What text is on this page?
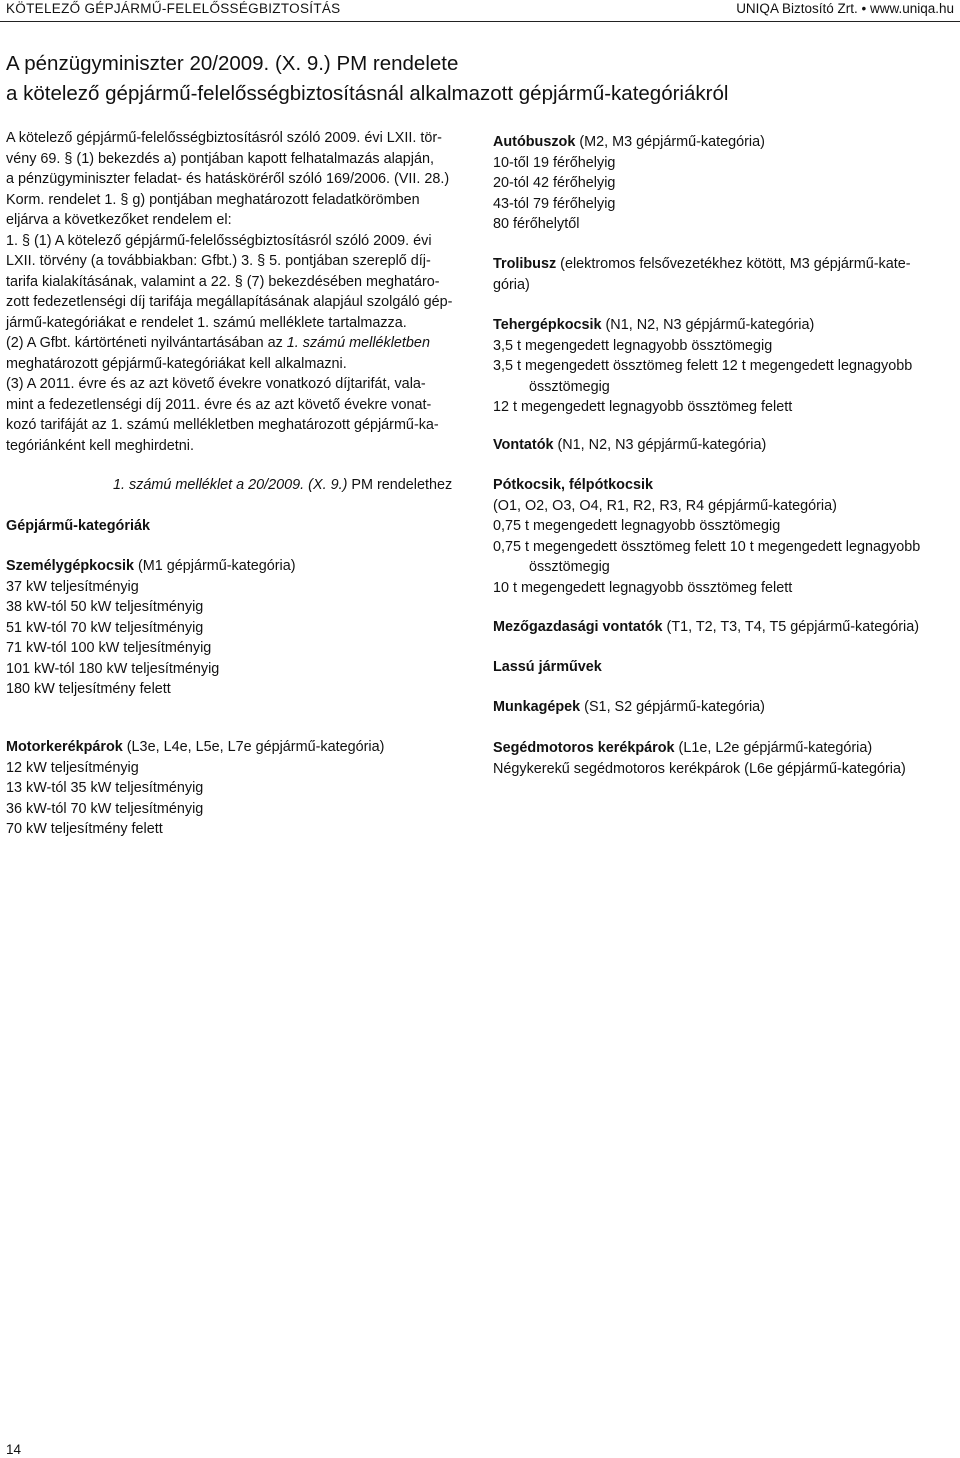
KÖTELEZŐ GÉPJÁRMŰ-FELELŐSSÉGBIZTOSÍTÁS	UNIQA Biztosító Zrt. • www.uniqa.hu
A pénzügyminiszter 20/2009. (X. 9.) PM rendelete
a kötelező gépjármű-felelősségbiztosításnál alkalmazott gépjármű-kategóriákról
A kötelező gépjármű-felelősségbiztosításról szóló 2009. évi LXII. tör-
vény 69. § (1) bekezdés a) pontjában kapott felhatalmazás alapján,
a pénzügyminiszter feladat- és hatásköréről szóló 169/2006. (VII. 28.)
Korm. rendelet 1. § g) pontjában meghatározott feladatkörömben
eljárva a következőket rendelem el:
1. § (1) A kötelező gépjármű-felelősségbiztosításról szóló 2009. évi
LXII. törvény (a továbbiakban: Gfbt.) 3. § 5. pontjában szereplő díj-
tarifa kialakításának, valamint a 22. § (7) bekezdésében meghatáro-
zott fedezetlenségi díj tarifája megállapításának alapjául szolgáló gép-
jármű-kategóriákat e rendelet 1. számú melléklete tartalmazza.
(2) A Gfbt. kártörténeti nyilvántartásában az 1. számú mellékletben
meghatározott gépjármű-kategóriákat kell alkalmazni.
(3) A 2011. évre és az azt követő évekre vonatkozó díjtarifát, vala-
mint a fedezetlenségi díj 2011. évre és az azt követő évekre vonat-
kozó tarifáját az 1. számú mellékletben meghatározott gépjármű-ka-
tegóriánként kell meghirdetni.
1. számú melléklet a 20/2009. (X. 9.) PM rendelethez
Gépjármű-kategóriák
Személygépkocsik (M1 gépjármű-kategória)
37 kW teljesítményig
38 kW-tól 50 kW teljesítményig
51 kW-tól 70 kW teljesítményig
71 kW-tól 100 kW teljesítményig
101 kW-tól 180 kW teljesítményig
180 kW teljesítmény felett
Motorkerékpárok (L3e, L4e, L5e, L7e gépjármű-kategória)
12 kW teljesítményig
13 kW-tól 35 kW teljesítményig
36 kW-tól 70 kW teljesítményig
70 kW teljesítmény felett
Autóbuszok (M2, M3 gépjármű-kategória)
10-től 19 férőhelyig
20-tól 42 férőhelyig
43-tól 79 férőhelyig
80 férőhelytől
Trolibusz (elektromos felsővezetékhez kötött, M3 gépjármű-kate-
gória)
Tehergépkocsik (N1, N2, N3 gépjármű-kategória)
3,5 t megengedett legnagyobb össztömegig
3,5 t megengedett össztömeg felett 12 t megengedett legnagyobb
össztömegig
12 t megengedett legnagyobb össztömeg felett
Vontatók (N1, N2, N3 gépjármű-kategória)
Pótkocsik, félpótkocsik
(O1, O2, O3, O4, R1, R2, R3, R4 gépjármű-kategória)
0,75 t megengedett legnagyobb össztömegig
0,75 t megengedett össztömeg felett 10 t megengedett legnagyobb
össztömegig
10 t megengedett legnagyobb össztömeg felett
Mezőgazdasági vontatók (T1, T2, T3, T4, T5 gépjármű-kategória)
Lassú járművek
Munkagépek (S1, S2 gépjármű-kategória)
Segédmotoros kerékpárok (L1e, L2e gépjármű-kategória)
Négykerekű segédmotoros kerékpárok (L6e gépjármű-kategória)
14
